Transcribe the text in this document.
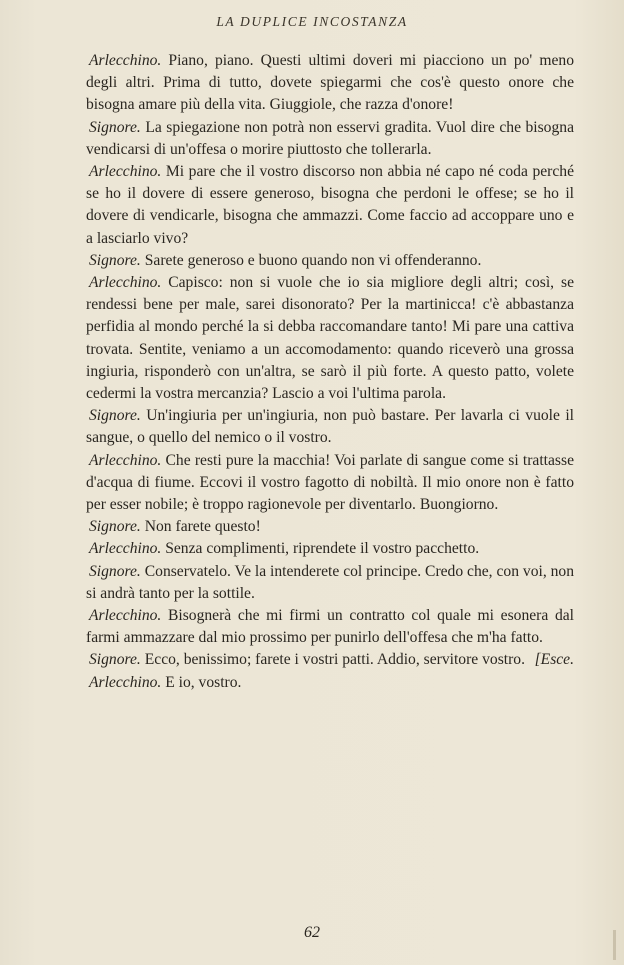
LA DUPLICE INCOSTANZA

Arlecchino. Piano, piano. Questi ultimi doveri mi piacciono un po' meno degli altri. Prima di tutto, dovete spiegarmi che cos'è questo onore che bisogna amare più della vita. Giuggiole, che razza d'onore!

Signore. La spiegazione non potrà non esservi gradita. Vuol dire che bisogna vendicarsi di un'offesa o morire piuttosto che tollerarla.

Arlecchino. Mi pare che il vostro discorso non abbia né capo né coda perché se ho il dovere di essere generoso, bisogna che perdoni le offese; se ho il dovere di vendicarle, bisogna che ammazzi. Come faccio ad accoppare uno e a lasciarlo vivo?

Signore. Sarete generoso e buono quando non vi offenderanno.

Arlecchino. Capisco: non si vuole che io sia migliore degli altri; così, se rendessi bene per male, sarei disonorato? Per la martinicca! c'è abbastanza perfidia al mondo perché la si debba raccomandare tanto! Mi pare una cattiva trovata. Sentite, veniamo a un accomodamento: quando riceverò una grossa ingiuria, risponderò con un'altra, se sarò il più forte. A questo patto, volete cedermi la vostra mercanzia? Lascio a voi l'ultima parola.

Signore. Un'ingiuria per un'ingiuria, non può bastare. Per lavarla ci vuole il sangue, o quello del nemico o il vostro.

Arlecchino. Che resti pure la macchia! Voi parlate di sangue come si trattasse d'acqua di fiume. Eccovi il vostro fagotto di nobiltà. Il mio onore non è fatto per esser nobile; è troppo ragionevole per diventarlo. Buongiorno.

Signore. Non farete questo!

Arlecchino. Senza complimenti, riprendete il vostro pacchetto.

Signore. Conservatelo. Ve la intenderete col principe. Credo che, con voi, non si andrà tanto per la sottile.

Arlecchino. Bisognerà che mi firmi un contratto col quale mi esonera dal farmi ammazzare dal mio prossimo per punirlo dell'offesa che m'ha fatto.

Signore. Ecco, benissimo; farete i vostri patti. Addio, servitore vostro. [Esce.

Arlecchino. E io, vostro.

62
